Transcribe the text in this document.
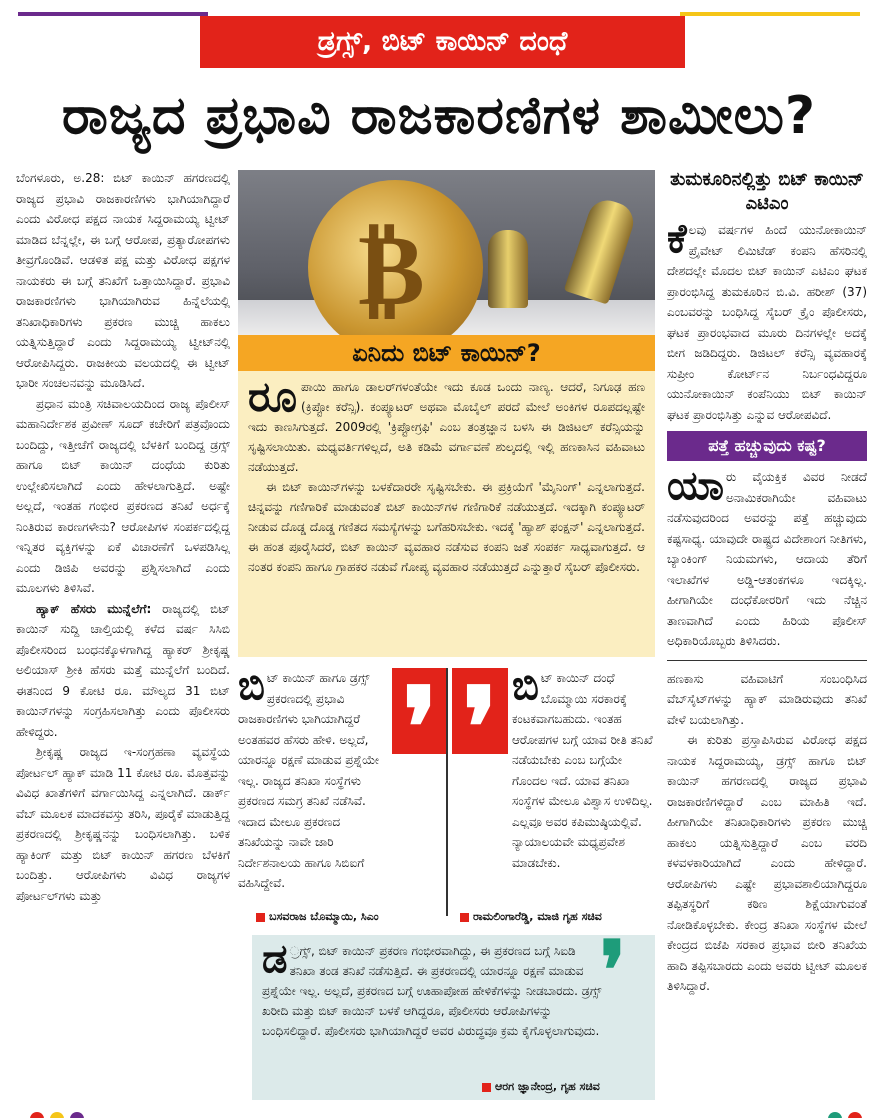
ಡ್ರಗ್ಸ್, ಬಿಟ್ ಕಾಯಿನ್ ದಂಧೆ
ರಾಜ್ಯದ ಪ್ರಭಾವಿ ರಾಜಕಾರಣಿಗಳ ಶಾಮೀಲು?

ಬೆಂಗಳೂರು, ಅ.28: ಬಿಟ್ ಕಾಯಿನ್ ಹಗರಣದಲ್ಲಿ ರಾಜ್ಯದ ಪ್ರಭಾವಿ ರಾಜಕಾರಣಿಗಳು ಭಾಗಿಯಾಗಿದ್ದಾರೆ ಎಂದು ವಿರೋಧ ಪಕ್ಷದ ನಾಯಕ ಸಿದ್ದರಾಮಯ್ಯ ಟ್ವೀಟ್ ಮಾಡಿದ ಬೆನ್ನಲ್ಲೇ, ಈ ಬಗ್ಗೆ ಆರೋಪ, ಪ್ರತ್ಯಾರೋಪಗಳು ತೀವ್ರಗೊಂಡಿವೆ. ಆಡಳಿತ ಪಕ್ಷ ಮತ್ತು ವಿರೋಧ ಪಕ್ಷಗಳ ನಾಯಕರು ಈ ಬಗ್ಗೆ ತನಿಖೆಗೆ ಒತ್ತಾಯಿಸಿದ್ದಾರೆ. ಪ್ರಭಾವಿ ರಾಜಕಾರಣಿಗಳು ಭಾಗಿಯಾಗಿರುವ ಹಿನ್ನೆಲೆಯಲ್ಲಿ ತನಿಖಾಧಿಕಾರಿಗಳು ಪ್ರಕರಣ ಮುಚ್ಚಿ ಹಾಕಲು ಯತ್ನಿಸುತ್ತಿದ್ದಾರೆ ಎಂದು ಸಿದ್ದರಾಮಯ್ಯ ಟ್ವೀಟ್‌ನಲ್ಲಿ ಆರೋಪಿಸಿದ್ದರು. ರಾಜಕೀಯ ವಲಯದಲ್ಲಿ ಈ ಟ್ವೀಟ್ ಭಾರೀ ಸಂಚಲನವನ್ನು ಮೂಡಿಸಿದೆ.

ಪ್ರಧಾನ ಮಂತ್ರಿ ಸಚಿವಾಲಯದಿಂದ ರಾಜ್ಯ ಪೊಲೀಸ್ ಮಹಾನಿರ್ದೇಶಕ ಪ್ರವೀಣ್ ಸೂದ್ ಕಚೇರಿಗೆ ಪತ್ರವೊಂದು ಬಂದಿದ್ದು, ಇತ್ತೀಚೆಗೆ ರಾಜ್ಯದಲ್ಲಿ ಬೆಳಕಿಗೆ ಬಂದಿದ್ದ ಡ್ರಗ್ಸ್ ಹಾಗೂ ಬಿಟ್ ಕಾಯಿನ್ ದಂಧೆಯ ಕುರಿತು ಉಲ್ಲೇಖಿಸಲಾಗಿದೆ ಎಂದು ಹೇಳಲಾಗುತ್ತಿದೆ. ಅಷ್ಟೇ ಅಲ್ಲದೆ, ಇಂತಹ ಗಂಭೀರ ಪ್ರಕರಣದ ತನಿಖೆ ಅರ್ಧಕ್ಕೆ ನಿಂತಿರುವ ಕಾರಣಗಳೇನು? ಆರೋಪಿಗಳ ಸಂಪರ್ಕದಲ್ಲಿದ್ದ ಇನ್ನಿತರ ವ್ಯಕ್ತಿಗಳನ್ನು ಏಕೆ ವಿಚಾರಣೆಗೆ ಒಳಪಡಿಸಿಲ್ಲ ಎಂದು ಡಿಜಿಪಿ ಅವರನ್ನು ಪ್ರಶ್ನಿಸಲಾಗಿದೆ ಎಂದು ಮೂಲಗಳು ತಿಳಿಸಿವೆ.

ಹ್ಯಾಕ್ ಹೆಸರು ಮುನ್ನೆಲೆಗೆ: ರಾಜ್ಯದಲ್ಲಿ ಬಿಟ್ ಕಾಯಿನ್ ಸುದ್ದಿ ಚಾಲ್ತಿಯಲ್ಲಿ ಕಳೆದ ವರ್ಷ ಸಿಸಿಬಿ ಪೊಲೀಸರಿಂದ ಬಂಧನಕ್ಕೊಳಗಾಗಿದ್ದ ಹ್ಯಾಕರ್ ಶ್ರೀಕೃಷ್ಣ ಅಲಿಯಾಸ್ ಶ್ರೀಕಿ ಹೆಸರು ಮತ್ತೆ ಮುನ್ನೆಲೆಗೆ ಬಂದಿದೆ. ಈತನಿಂದ 9 ಕೋಟಿ ರೂ. ಮೌಲ್ಯದ 31 ಬಿಟ್ ಕಾಯಿನ್‌ಗಳನ್ನು ಸಂಗ್ರಹಿಸಲಾಗಿತ್ತು ಎಂದು ಪೊಲೀಸರು ಹೇಳಿದ್ದರು.

ಶ್ರೀಕೃಷ್ಣ ರಾಜ್ಯದ ಇ-ಸಂಗ್ರಹಣಾ ವ್ಯವಸ್ಥೆಯ ಪೋರ್ಟಲ್ ಹ್ಯಾಕ್ ಮಾಡಿ 11 ಕೋಟಿ ರೂ. ಮೊತ್ತವನ್ನು ವಿವಿಧ ಖಾತೆಗಳಿಗೆ ವರ್ಗಾಯಿಸಿದ್ದ ಎನ್ನಲಾಗಿದೆ. ಡಾರ್ಕ್ ವೆಬ್ ಮೂಲಕ ಮಾದಕವಸ್ತು ತರಿಸಿ, ಪೂರೈಕೆ ಮಾಡುತ್ತಿದ್ದ ಪ್ರಕರಣದಲ್ಲಿ ಶ್ರೀಕೃಷ್ಣನನ್ನು ಬಂಧಿಸಲಾಗಿತ್ತು. ಬಳಿಕ ಹ್ಯಾಕಿಂಗ್ ಮತ್ತು ಬಿಟ್ ಕಾಯಿನ್ ಹಗರಣ ಬೆಳಕಿಗೆ ಬಂದಿತ್ತು. ಆರೋಪಿಗಳು ವಿವಿಧ ರಾಜ್ಯಗಳ ಪೋರ್ಟಲ್‌ಗಳು ಮತ್ತು

₿
ಏನಿದು ಬಿಟ್ ಕಾಯಿನ್?

ರೂಪಾಯಿ ಹಾಗೂ ಡಾಲರ್‌ಗಳಂತೆಯೇ ಇದು ಕೂಡ ಒಂದು ನಾಣ್ಯ. ಆದರೆ, ನಿಗೂಢ ಹಣ (ಕ್ರಿಪ್ಟೋ ಕರೆನ್ಸಿ). ಕಂಪ್ಯೂಟರ್ ಅಥವಾ ಮೊಬೈಲ್ ಪರದೆ ಮೇಲೆ ಅಂಕಿಗಳ ರೂಪದಲ್ಲಷ್ಟೇ ಇದು ಕಾಣಸಿಗುತ್ತದೆ. 2009ರಲ್ಲಿ 'ಕ್ರಿಪ್ಟೋಗ್ರಫಿ' ಎಂಬ ತಂತ್ರಜ್ಞಾನ ಬಳಸಿ ಈ ಡಿಜಿಟಲ್ ಕರೆನ್ಸಿಯನ್ನು ಸೃಷ್ಟಿಸಲಾಯಿತು. ಮಧ್ಯವರ್ತಿಗಳಿಲ್ಲದೆ, ಅತಿ ಕಡಿಮೆ ವರ್ಗಾವಣೆ ಶುಲ್ಕದಲ್ಲಿ ಇಲ್ಲಿ ಹಣಕಾಸಿನ ವಹಿವಾಟು ನಡೆಯುತ್ತದೆ.

ಈ ಬಿಟ್ ಕಾಯಿನ್‌ಗಳನ್ನು ಬಳಕೆದಾರರೇ ಸೃಷ್ಟಿಸಬೇಕು. ಈ ಪ್ರಕ್ರಿಯೆಗೆ 'ಮೈನಿಂಗ್' ಎನ್ನಲಾಗುತ್ತದೆ. ಚಿನ್ನವನ್ನು ಗಣಿಗಾರಿಕೆ ಮಾಡುವಂತೆ ಬಿಟ್ ಕಾಯಿನ್‌ಗಳ ಗಣಿಗಾರಿಕೆ ನಡೆಯುತ್ತದೆ. ಇದಕ್ಕಾಗಿ ಕಂಪ್ಯೂಟರ್ ನೀಡುವ ದೊಡ್ಡ ದೊಡ್ಡ ಗಣಿತದ ಸಮಸ್ಯೆಗಳನ್ನು ಬಗೆಹರಿಸಬೇಕು. ಇದಕ್ಕೆ 'ಹ್ಯಾಶ್ ಫಂಕ್ಷನ್' ಎನ್ನಲಾಗುತ್ತದೆ. ಈ ಹಂತ ಪೂರೈಸಿದರೆ, ಬಿಟ್ ಕಾಯಿನ್ ವ್ಯವಹಾರ ನಡೆಸುವ ಕಂಪನಿ ಜತೆ ಸಂಪರ್ಕ ಸಾಧ್ಯವಾಗುತ್ತದೆ. ಆ ನಂತರ ಕಂಪನಿ ಹಾಗೂ ಗ್ರಾಹಕರ ನಡುವೆ ಗೋಪ್ಯ ವ್ಯವಹಾರ ನಡೆಯುತ್ತದೆ ಎನ್ನುತ್ತಾರೆ ಸೈಬರ್ ಪೊಲೀಸರು.

ಬಿಟ್ ಕಾಯಿನ್ ಹಾಗೂ ಡ್ರಗ್ಸ್ ಪ್ರಕರಣದಲ್ಲಿ ಪ್ರಭಾವಿ ರಾಜಕಾರಣಿಗಳು ಭಾಗಿಯಾಗಿದ್ದರೆ ಅಂತಹವರ ಹೆಸರು ಹೇಳಿ. ಅಲ್ಲದೆ, ಯಾರನ್ನೂ ರಕ್ಷಣೆ ಮಾಡುವ ಪ್ರಶ್ನೆಯೇ ಇಲ್ಲ. ರಾಜ್ಯದ ತನಿಖಾ ಸಂಸ್ಥೆಗಳು ಪ್ರಕರಣದ ಸಮಗ್ರ ತನಿಖೆ ನಡೆಸಿವೆ. ಇದಾದ ಮೇಲೂ ಪ್ರಕರಣದ ತನಿಖೆಯನ್ನು ನಾವೇ ಜಾರಿ ನಿರ್ದೇಶನಾಲಯ ಹಾಗೂ ಸಿಬಿಐಗೆ ವಹಿಸಿದ್ದೇವೆ.
❜ ❜ ಬಿಟ್ ಕಾಯಿನ್ ದಂಧೆ ಬೊಮ್ಮಾಯಿ ಸರಕಾರಕ್ಕೆ ಕಂಟಕವಾಗಬಹುದು. ಇಂತಹ ಆರೋಪಗಳ ಬಗ್ಗೆ ಯಾವ ರೀತಿ ತನಿಖೆ ನಡೆಯಬೇಕು ಎಂಬ ಬಗ್ಗೆಯೇ ಗೊಂದಲ ಇದೆ. ಯಾವ ತನಿಖಾ ಸಂಸ್ಥೆಗಳ ಮೇಲೂ ವಿಶ್ವಾಸ ಉಳಿದಿಲ್ಲ. ಎಲ್ಲವೂ ಅವರ ಕಪಿಮುಷ್ಠಿಯಲ್ಲಿವೆ. ನ್ಯಾಯಾಲಯವೇ ಮಧ್ಯಪ್ರವೇಶ ಮಾಡಬೇಕು.
ಬಸವರಾಜ ಬೊಮ್ಮಾಯಿ, ಸಿಎಂ	ರಾಮಲಿಂಗಾರೆಡ್ಡಿ, ಮಾಜಿ ಗೃಹ ಸಚಿವ
ಡ ್ರಗ್ಸ್, ಬಿಟ್ ಕಾಯಿನ್ ಪ್ರಕರಣ ಗಂಭೀರವಾಗಿದ್ದು, ಈ ಪ್ರಕರಣದ ಬಗ್ಗೆ ಸಿಐಡಿ ತನಿಖಾ ತಂಡ ತನಿಖೆ ನಡೆಸುತ್ತಿದೆ. ಈ ಪ್ರಕರಣದಲ್ಲಿ ಯಾರನ್ನೂ ರಕ್ಷಣೆ ಮಾಡುವ ಪ್ರಶ್ನೆಯೇ ಇಲ್ಲ. ಅಲ್ಲದೆ, ಪ್ರಕರಣದ ಬಗ್ಗೆ ಊಹಾಪೋಹ ಹೇಳಿಕೆಗಳನ್ನು ನೀಡಬಾರದು. ಡ್ರಗ್ಸ್ ಖರೀದಿ ಮತ್ತು ಬಿಟ್ ಕಾಯಿನ್ ಬಳಕೆ ಆಗಿದ್ದರೂ, ಪೊಲೀಸರು ಆರೋಪಿಗಳನ್ನು ಬಂಧಿಸಲಿದ್ದಾರೆ. ಪೊಲೀಸರು ಭಾಗಿಯಾಗಿದ್ದರೆ ಅವರ ವಿರುದ್ಧವೂ ಕ್ರಮ ಕೈಗೊಳ್ಳಲಾಗುವುದು.
❜
ಆರಗ ಜ್ಞಾನೇಂದ್ರ, ಗೃಹ ಸಚಿವ
ತುಮಕೂರಿನಲ್ಲಿತ್ತು ಬಿಟ್ ಕಾಯಿನ್ ಎಟಿಎಂ

ಕೆಲವು ವರ್ಷಗಳ ಹಿಂದೆ ಯುನೋಕಾಯಿನ್ ಪ್ರೈವೇಟ್ ಲಿಮಿಟೆಡ್ ಕಂಪನಿ ಹೆಸರಿನಲ್ಲಿ ದೇಶದಲ್ಲೇ ಮೊದಲ ಬಿಟ್ ಕಾಯಿನ್ ಎಟಿಎಂ ಘಟಕ ಪ್ರಾರಂಭಿಸಿದ್ದ ತುಮಕೂರಿನ ಬಿ.ವಿ. ಹರೀಶ್ (37) ಎಂಬವರನ್ನು ಬಂಧಿಸಿದ್ದ ಸೈಬರ್ ಕ್ರೈಂ ಪೊಲೀಸರು, ಘಟಕ ಪ್ರಾರಂಭವಾದ ಮೂರು ದಿನಗಳಲ್ಲೇ ಅದಕ್ಕೆ ಬೀಗ ಜಡಿದಿದ್ದರು. ಡಿಜಿಟಲ್ ಕರೆನ್ಸಿ ವ್ಯವಹಾರಕ್ಕೆ ಸುಪ್ರೀಂ ಕೋರ್ಟ್‌ನ ನಿರ್ಬಂಧವಿದ್ದರೂ ಯುನೋಕಾಯಿನ್ ಕಂಪೆನಿಯು ಬಿಟ್ ಕಾಯಿನ್ ಘಟಕ ಪ್ರಾರಂಭಿಸಿತ್ತು ಎನ್ನುವ ಆರೋಪವಿದೆ.

ಪತ್ತೆ ಹಚ್ಚುವುದು ಕಷ್ಟ?

ಯಾರು ವೈಯಕ್ತಿಕ ವಿವರ ನೀಡದೆ ಅನಾಮಿಕರಾಗಿಯೇ ವಹಿವಾಟು ನಡೆಸುವುದರಿಂದ ಅವರನ್ನು ಪತ್ತೆ ಹಚ್ಚುವುದು ಕಷ್ಟಸಾಧ್ಯ. ಯಾವುದೇ ರಾಷ್ಟ್ರದ ವಿದೇಶಾಂಗ ನೀತಿಗಳು, ಬ್ಯಾಂಕಿಂಗ್ ನಿಯಮಗಳು, ಆದಾಯ ತೆರಿಗೆ ಇಲಾಖೆಗಳ ಅಡ್ಡಿ-ಆತಂಕಗಳೂ ಇದಕ್ಕಿಲ್ಲ. ಹೀಗಾಗಿಯೇ ದಂಧೆಕೋರರಿಗೆ ಇದು ನೆಚ್ಚಿನ ತಾಣವಾಗಿದೆ ಎಂದು ಹಿರಿಯ ಪೊಲೀಸ್ ಅಧಿಕಾರಿಯೊಬ್ಬರು ತಿಳಿಸಿದರು.

ಹಣಕಾಸು ವಹಿವಾಟಿಗೆ ಸಂಬಂಧಿಸಿದ ವೆಬ್‌ಸೈಟ್‌ಗಳನ್ನು ಹ್ಯಾಕ್ ಮಾಡಿರುವುದು ತನಿಖೆ ವೇಳೆ ಬಯಲಾಗಿತ್ತು.

ಈ ಕುರಿತು ಪ್ರಸ್ತಾಪಿಸಿರುವ ವಿರೋಧ ಪಕ್ಷದ ನಾಯಕ ಸಿದ್ದರಾಮಯ್ಯ, ಡ್ರಗ್ಸ್ ಹಾಗೂ ಬಿಟ್ ಕಾಯಿನ್ ಹಗರಣದಲ್ಲಿ ರಾಜ್ಯದ ಪ್ರಭಾವಿ ರಾಜಕಾರಣಿಗಳಿದ್ದಾರೆ ಎಂಬ ಮಾಹಿತಿ ಇದೆ. ಹೀಗಾಗಿಯೇ ತನಿಖಾಧಿಕಾರಿಗಳು ಪ್ರಕರಣ ಮುಚ್ಚಿ ಹಾಕಲು ಯತ್ನಿಸುತ್ತಿದ್ದಾರೆ ಎಂಬ ವರದಿ ಕಳವಳಕಾರಿಯಾಗಿದೆ ಎಂದು ಹೇಳಿದ್ದಾರೆ. ಆರೋಪಿಗಳು ಎಷ್ಟೇ ಪ್ರಭಾವಶಾಲಿಯಾಗಿದ್ದರೂ ತಪ್ಪಿತಸ್ಥರಿಗೆ ಕಠಿಣ ಶಿಕ್ಷೆಯಾಗುವಂತೆ ನೋಡಿಕೊಳ್ಳಬೇಕು. ಕೇಂದ್ರ ತನಿಖಾ ಸಂಸ್ಥೆಗಳ ಮೇಲೆ ಕೇಂದ್ರದ ಬಿಜೆಪಿ ಸರಕಾರ ಪ್ರಭಾವ ಬೀರಿ ತನಿಖೆಯ ಹಾದಿ ತಪ್ಪಿಸಬಾರದು ಎಂದು ಅವರು ಟ್ವೀಟ್ ಮೂಲಕ ತಿಳಿಸಿದ್ದಾರೆ.
